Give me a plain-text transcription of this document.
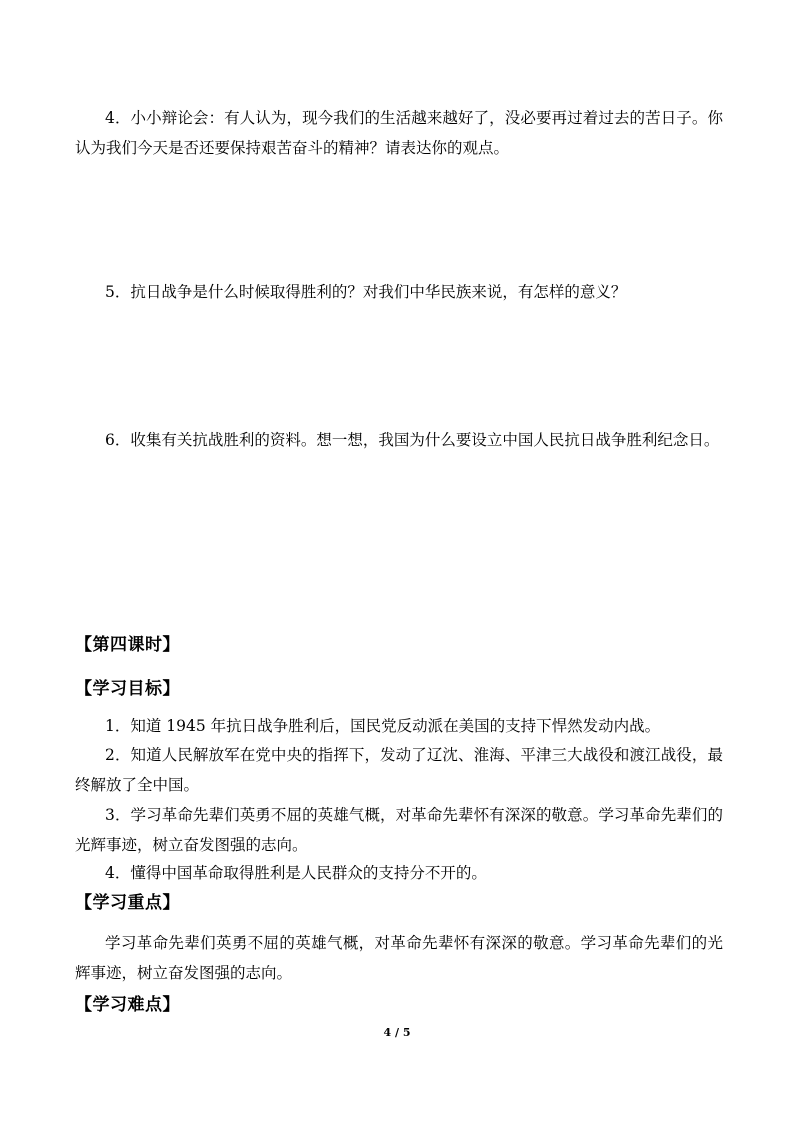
4．小小辩论会：有人认为，现今我们的生活越来越好了，没必要再过着过去的苦日子。你认为我们今天是否还要保持艰苦奋斗的精神？请表达你的观点。

5．抗日战争是什么时候取得胜利的？对我们中华民族来说，有怎样的意义？

6．收集有关抗战胜利的资料。想一想，我国为什么要设立中国人民抗日战争胜利纪念日。

【第四课时】

【学习目标】

1．知道 1945 年抗日战争胜利后，国民党反动派在美国的支持下悍然发动内战。

2．知道人民解放军在党中央的指挥下，发动了辽沈、淮海、平津三大战役和渡江战役，最终解放了全中国。

3．学习革命先辈们英勇不屈的英雄气概，对革命先辈怀有深深的敬意。学习革命先辈们的光辉事迹，树立奋发图强的志向。

4．懂得中国革命取得胜利是人民群众的支持分不开的。

【学习重点】

学习革命先辈们英勇不屈的英雄气概，对革命先辈怀有深深的敬意。学习革命先辈们的光辉事迹，树立奋发图强的志向。

【学习难点】

4 / 5
